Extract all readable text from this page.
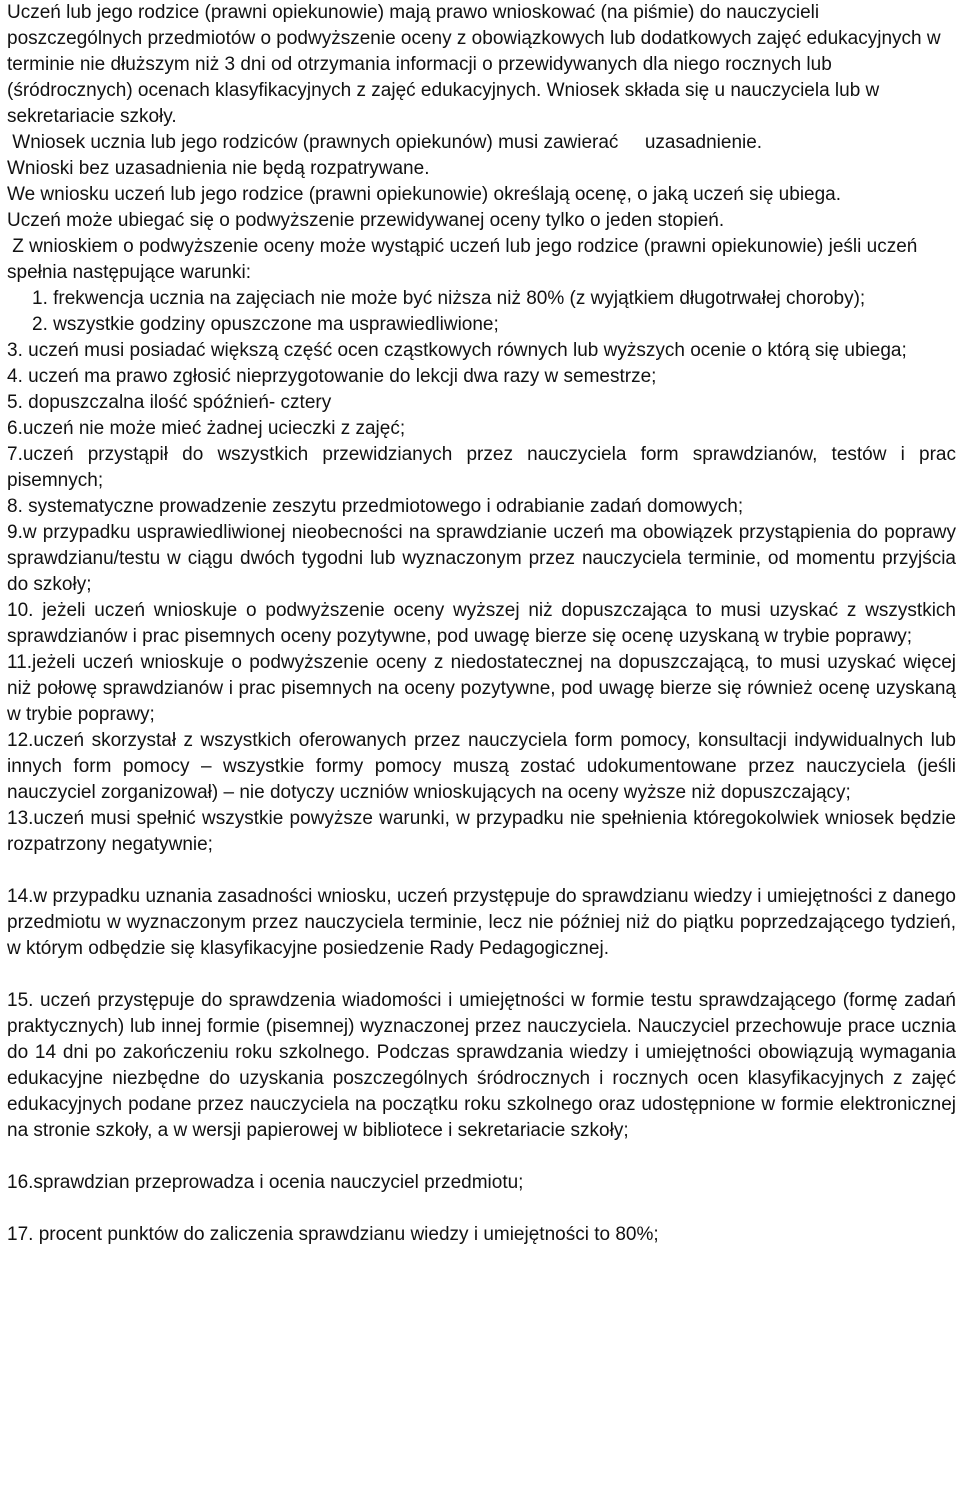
Uczeń lub jego rodzice (prawni opiekunowie) mają prawo wnioskować (na piśmie) do nauczycieli poszczególnych przedmiotów o podwyższenie oceny z obowiązkowych lub dodatkowych zajęć edukacyjnych w terminie nie dłuższym niż 3 dni od otrzymania informacji o przewidywanych dla niego rocznych lub (śródrocznych) ocenach klasyfikacyjnych z zajęć edukacyjnych. Wniosek składa się u nauczyciela lub w sekretariacie szkoły.

Wniosek ucznia lub jego rodziców (prawnych opiekunów) musi zawierać     uzasadnienie.

Wnioski bez uzasadnienia nie będą rozpatrywane.

We wniosku uczeń lub jego rodzice (prawni opiekunowie) określają ocenę, o jaką uczeń się ubiega.

Uczeń może ubiegać się o podwyższenie przewidywanej oceny tylko o jeden stopień.

Z wnioskiem o podwyższenie oceny może wystąpić uczeń lub jego rodzice (prawni opiekunowie) jeśli uczeń spełnia następujące warunki:

1. frekwencja ucznia na zajęciach nie może być niższa niż 80% (z wyjątkiem długotrwałej choroby);

2. wszystkie godziny opuszczone ma usprawiedliwione;

3. uczeń musi posiadać większą część ocen cząstkowych równych lub wyższych ocenie o którą się ubiega;

4. uczeń ma prawo zgłosić nieprzygotowanie do lekcji dwa razy w semestrze;

5. dopuszczalna ilość spóźnień- cztery

6.uczeń nie może mieć żadnej ucieczki z zajęć;

7.uczeń przystąpił do wszystkich przewidzianych przez nauczyciela form sprawdzianów, testów i prac pisemnych;

8. systematyczne prowadzenie zeszytu przedmiotowego i odrabianie zadań domowych;

9.w przypadku usprawiedliwionej nieobecności na sprawdzianie uczeń ma obowiązek przystąpienia do poprawy sprawdzianu/testu w ciągu dwóch tygodni lub wyznaczonym przez nauczyciela terminie, od momentu przyjścia do szkoły;

10. jeżeli uczeń wnioskuje o podwyższenie oceny wyższej niż dopuszczająca to musi uzyskać z wszystkich sprawdzianów i prac pisemnych oceny pozytywne, pod uwagę bierze się ocenę uzyskaną w trybie poprawy;

11.jeżeli uczeń wnioskuje o podwyższenie oceny z niedostatecznej na dopuszczającą, to musi uzyskać więcej niż połowę sprawdzianów i prac pisemnych na oceny pozytywne, pod uwagę bierze się również ocenę uzyskaną w trybie poprawy;

12.uczeń skorzystał z wszystkich oferowanych przez nauczyciela form pomocy, konsultacji indywidualnych lub innych form pomocy – wszystkie formy pomocy muszą zostać udokumentowane przez nauczyciela (jeśli nauczyciel zorganizował) – nie dotyczy uczniów wnioskujących na oceny wyższe niż dopuszczający;

13.uczeń musi spełnić wszystkie powyższe warunki, w przypadku nie spełnienia któregokolwiek wniosek będzie rozpatrzony negatywnie;

14.w przypadku uznania zasadności wniosku, uczeń przystępuje do sprawdzianu wiedzy i umiejętności z danego przedmiotu w wyznaczonym przez nauczyciela terminie, lecz nie później niż do piątku poprzedzającego tydzień, w którym odbędzie się klasyfikacyjne posiedzenie Rady Pedagogicznej.

15. uczeń przystępuje do sprawdzenia wiadomości i umiejętności w formie testu sprawdzającego (formę zadań praktycznych) lub innej formie (pisemnej) wyznaczonej przez nauczyciela. Nauczyciel przechowuje prace ucznia do 14 dni po zakończeniu roku szkolnego. Podczas sprawdzania wiedzy i umiejętności obowiązują wymagania edukacyjne niezbędne do uzyskania poszczególnych śródrocznych i rocznych ocen klasyfikacyjnych z zajęć edukacyjnych podane przez nauczyciela na początku roku szkolnego oraz udostępnione w formie elektronicznej na stronie szkoły, a w wersji papierowej w bibliotece i sekretariacie szkoły;

16.sprawdzian przeprowadza i ocenia nauczyciel przedmiotu;

17. procent punktów do zaliczenia sprawdzianu wiedzy i umiejętności to 80%;
